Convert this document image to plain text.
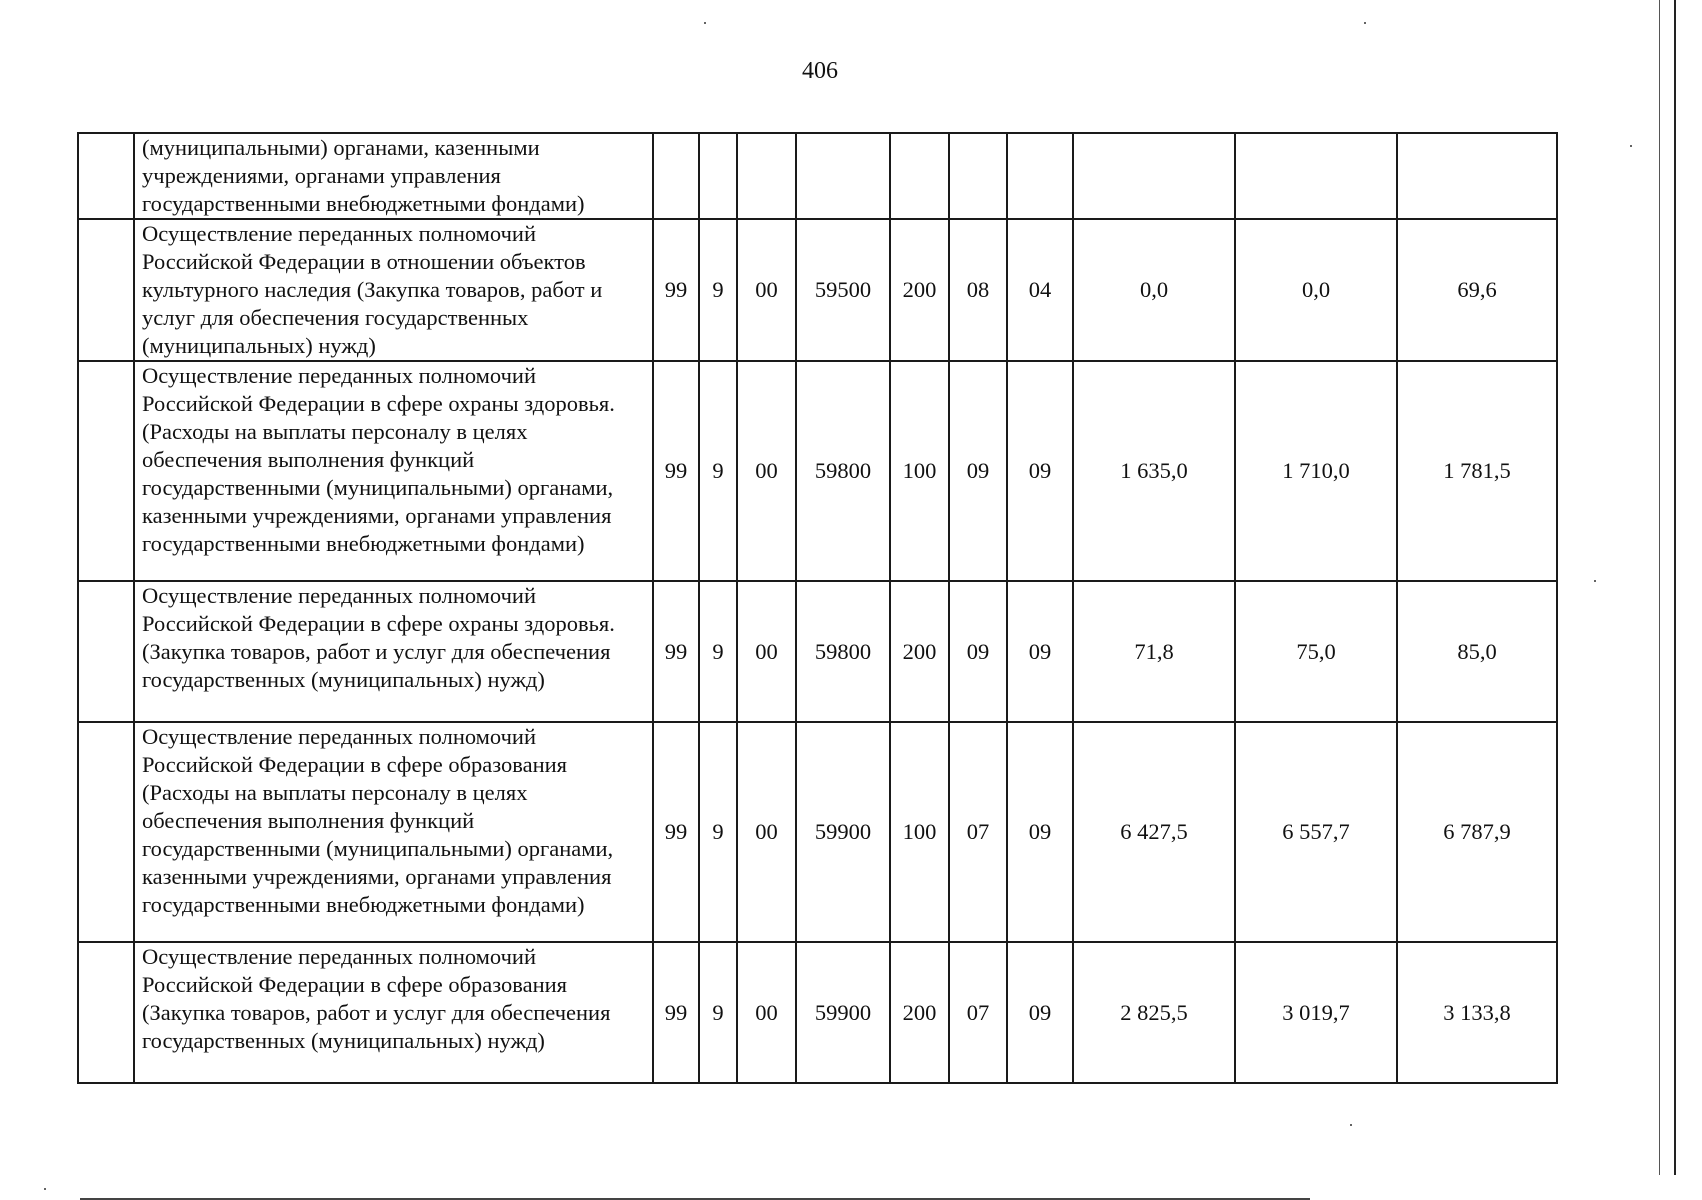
406
	(муниципальными) органами, казенными учреждениями, органами управления государственными внебюджетными фондами)										
	Осуществление переданных полномочий Российской Федерации в отношении объектов культурного наследия (Закупка товаров, работ и услуг для обеспечения государственных (муниципальных) нужд)	99	9	00	59500	200	08	04	0,0	0,0	69,6
	Осуществление переданных полномочий Российской Федерации в сфере охраны здоровья. (Расходы на выплаты персоналу в целях обеспечения выполнения функций государственными (муниципальными) органами, казенными учреждениями, органами управления государственными внебюджетными фондами)	99	9	00	59800	100	09	09	1 635,0	1 710,0	1 781,5
	Осуществление переданных полномочий Российской Федерации в сфере охраны здоровья. (Закупка товаров, работ и услуг для обеспечения государственных (муниципальных) нужд)	99	9	00	59800	200	09	09	71,8	75,0	85,0
	Осуществление переданных полномочий Российской Федерации в сфере образования (Расходы на выплаты персоналу в целях обеспечения выполнения функций государственными (муниципальными) органами, казенными учреждениями, органами управления государственными внебюджетными фондами)	99	9	00	59900	100	07	09	6 427,5	6 557,7	6 787,9
	Осуществление переданных полномочий Российской Федерации в сфере образования (Закупка товаров, работ и услуг для обеспечения государственных (муниципальных) нужд)	99	9	00	59900	200	07	09	2 825,5	3 019,7	3 133,8
